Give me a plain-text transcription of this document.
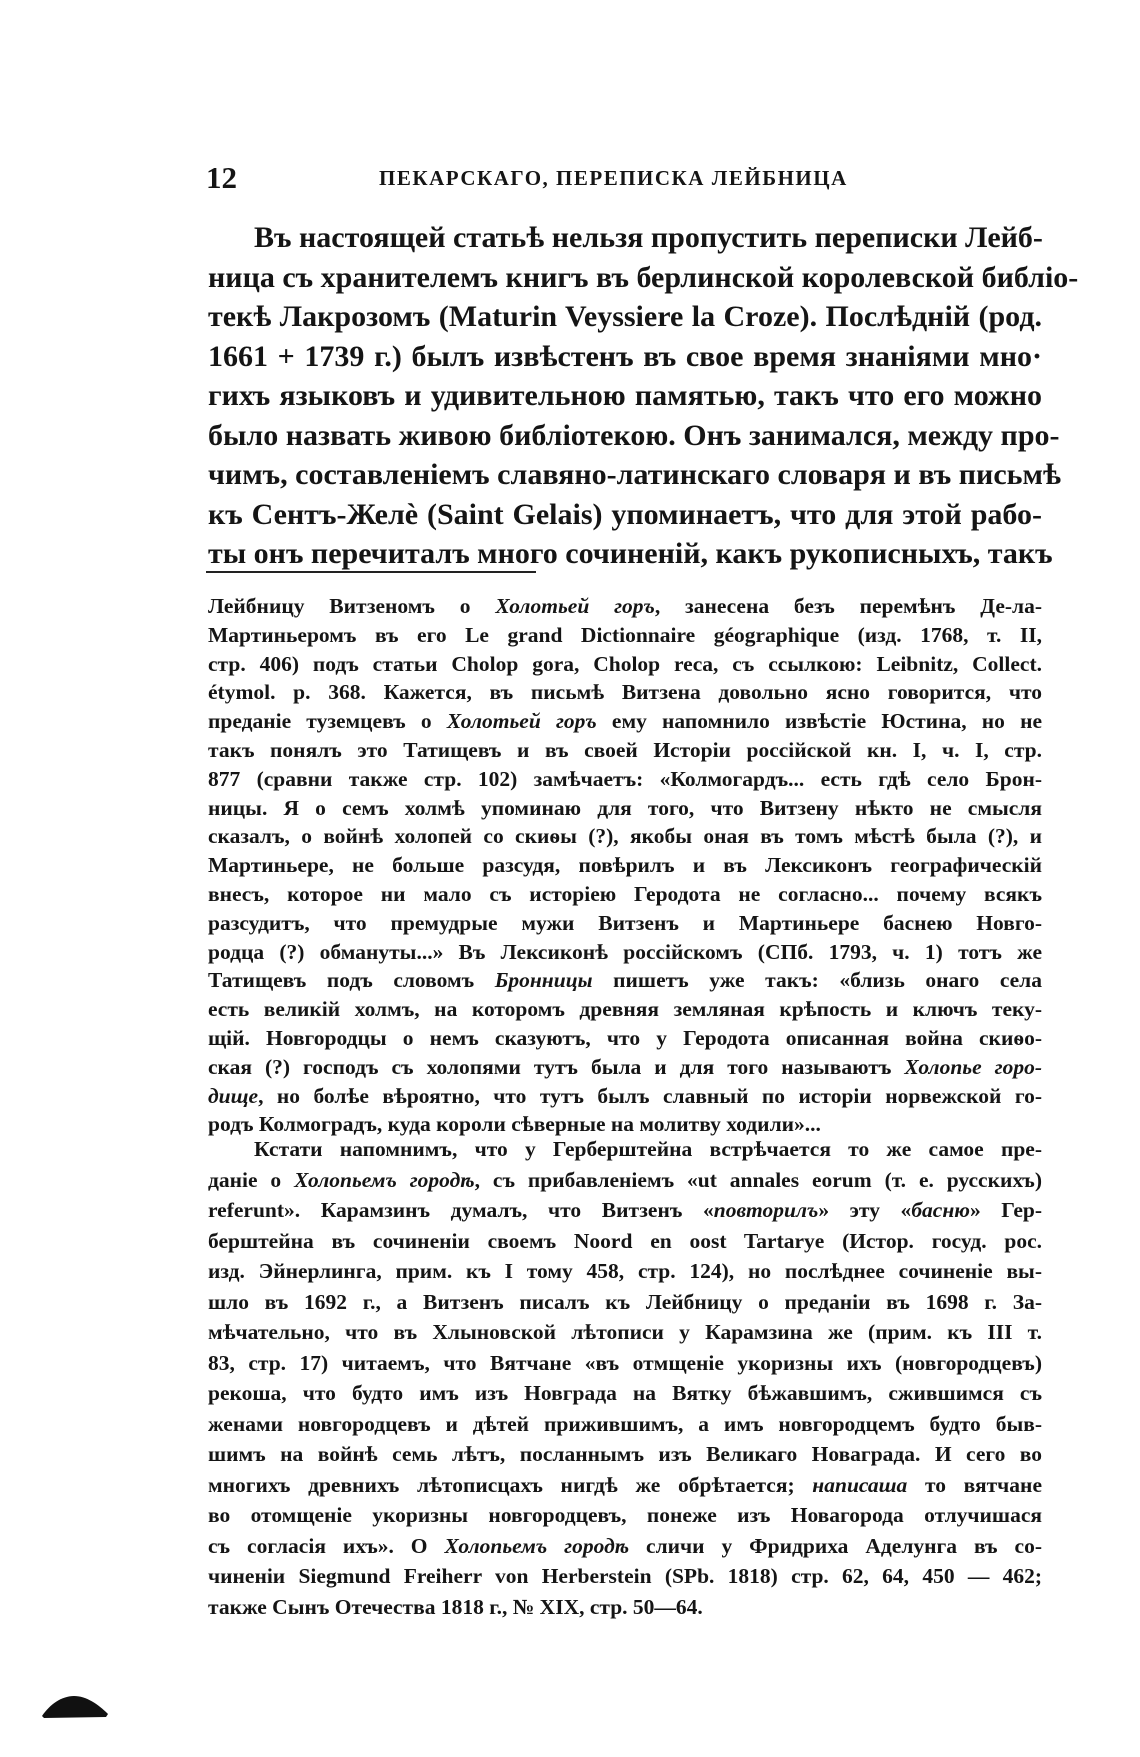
12	ПЕКАРСКАГО, ПЕРЕПИСКА ЛЕЙБНИЦА
Въ настоящей статьѣ нельзя пропустить переписки Лейб-
ница съ хранителемъ книгъ въ берлинской королевской библіо-
текѣ Лакрозомъ (Maturin Veyssiere la Croze). Послѣдній (род.
1661 + 1739 г.) былъ извѣстенъ въ свое время знаніями мно·
гихъ языковъ и удивительною памятью, такъ что его можно
было назвать живою библіотекою. Онъ занимался, между про-
чимъ, составленіемъ славяно-латинскаго словаря и въ письмѣ
къ Сентъ-Желѐ (Saint Gelais) упоминаетъ, что для этой рабо-
ты онъ перечиталъ много сочиненій, какъ рукописныхъ, такъ
Лейбницу Витзеномъ о Холотьей горъ, занесена безъ перемѣнъ Де-ла-
Мартиньеромъ въ его Le grand Dictionnaire géographique (изд. 1768, т. II,
стр. 406) подъ статьи Cholop gora, Cholop reca, съ ссылкою: Leibnitz, Collect.
étymol. p. 368. Кажется, въ письмѣ Витзена довольно ясно говорится, что
преданіе туземцевъ о Холотьей горъ ему напомнило извѣстіе Юстина, но не
такъ понялъ это Татищевъ и въ своей Исторіи россійской кн. I, ч. I, стр.
877 (сравни также стр. 102) замѣчаетъ: «Колмогардъ... есть гдѣ село Брон-
ницы. Я о семъ холмѣ упоминаю для того, что Витзену нѣкто не смысля
сказалъ, о войнѣ холопей со скиѳы (?), якобы оная въ томъ мѣстѣ была (?), и
Мартиньере, не больше разсудя, повѣрилъ и въ Лексиконъ географическій
внесъ, которое ни мало съ исторіею Геродота не согласно... почему всякъ
разсудитъ, что премудрые мужи Витзенъ и Мартиньере баснею Новго-
родца (?) обмануты...» Въ Лексиконѣ россійскомъ (СПб. 1793, ч. 1) тотъ же
Татищевъ подъ словомъ Бронницы пишетъ уже такъ: «близь онаго села
есть великій холмъ, на которомъ древняя земляная крѣпость и ключъ теку-
щій. Новгородцы о немъ сказуютъ, что у Геродота описанная война скиѳо-
ская (?) господъ съ холопями тутъ была и для того называютъ Холопье горо-
дище, но болѣе вѣроятно, что тутъ былъ славный по исторіи норвежской го-
родъ Колмоградъ, куда короли сѣверные на молитву ходили»...
Кстати напомнимъ, что у Герберштейна встрѣчается то же самое пре-
даніе о Холопьемъ городѣ, съ прибавленіемъ «ut annales eorum (т. е. русскихъ)
referunt». Карамзинъ думалъ, что Витзенъ «повторилъ» эту «басню» Гер-
берштейна въ сочиненіи своемъ Noord en oost Tartarye (Истор. госуд. рос.
изд. Эйнерлинга, прим. къ I тому 458, стр. 124), но послѣднее сочиненіе вы-
шло въ 1692 г., а Витзенъ писалъ къ Лейбницу о преданіи въ 1698 г. За-
мѣчательно, что въ Хлыновской лѣтописи у Карамзина же (прим. къ III т.
83, стр. 17) читаемъ, что Вятчане «въ отмщеніе укоризны ихъ (новгородцевъ)
рекоша, что будто имъ изъ Новграда на Вятку бѣжавшимъ, сжившимся съ
женами новгородцевъ и дѣтей прижившимъ, а имъ новгородцемъ будто быв-
шимъ на войнѣ семь лѣтъ, посланнымъ изъ Великаго Новаграда. И сего во
многихъ древнихъ лѣтописцахъ нигдѣ же обрѣтается; написаша то вятчане
во отомщеніе укоризны новгородцевъ, понеже изъ Новагорода отлучишася
съ согласія ихъ». О Холопьемъ городѣ сличи у Фридриха Аделунга въ со-
чиненіи Siegmund Freiherr von Herberstein (SPb. 1818) стр. 62, 64, 450 — 462;
также Сынъ Отечества 1818 г., № XIX, стр. 50—64.
